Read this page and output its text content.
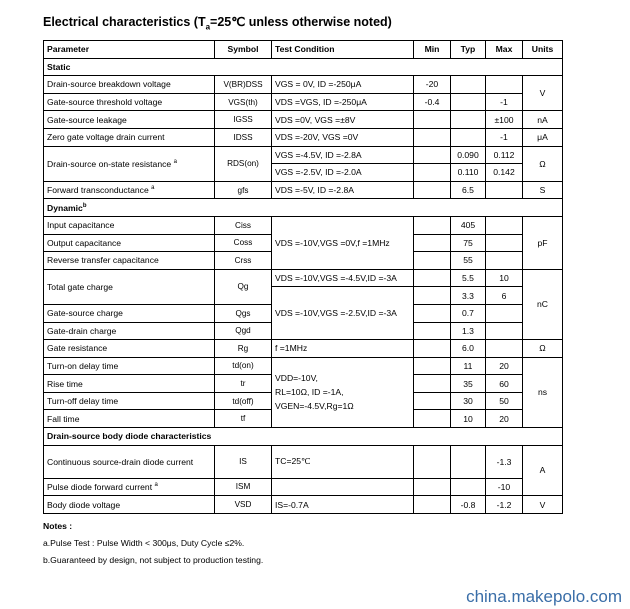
Electrical characteristics ($T_a=25℃$ unless otherwise noted)
Parameter	Symbol	Test Condition	Min	Typ	Max	Units
Static						
Drain-source breakdown voltage	V(BR)DSS	VGS = 0V, ID =-250μA	-20			V
Gate-source threshold voltage	VGS(th)	VDS =VGS, ID =-250μA	-0.4		-1	
Gate-source leakage	IGSS	VDS =0V, VGS =±8V			±100	nA
Zero gate voltage drain current	IDSS	VDS =-20V, VGS =0V			-1	μA
Drain-source on-state resistance $^a$	RDS(on)	VGS =-4.5V, ID =-2.8A		0.090	0.112	Ω
		VGS =-2.5V, ID =-2.0A		0.110	0.142	
Forward transconductance $^a$	gfs	VDS =-5V, ID =-2.8A		6.5		S
Dynamic$^b$
Input capacitance	Ciss	VDS =-10V,VGS =0V,f =1MHz		405		pF
Output capacitance	Coss			75		
Reverse transfer capacitance	Crss			55		
Total gate charge	Qg	VDS =-10V,VGS =-4.5V,ID =-3A		5.5	10	nC
		VDS =-10V,VGS =-2.5V,ID =-3A		3.3	6	
Gate-source charge	Qgs			0.7		
Gate-drain charge	Qgd			1.3		
Gate resistance	Rg	f =1MHz		6.0		Ω
Turn-on delay time	td(on)	VDD=-10V,
RL=10Ω, ID =-1A,
VGEN=-4.5V,Rg=1Ω		11	20	ns
Rise time	tr			35	60	
Turn-off delay time	td(off)			30	50	
Fall time	tf			10	20	
Drain-source body diode characteristics						
Continuous source-drain diode current	IS	TC=25℃			-1.3	A
Pulse diode forward current $^a$	ISM				-10	
Body diode voltage	VSD	IS=-0.7A		-0.8	-1.2	V
Notes :
a.Pulse Test : Pulse Width < 300μs, Duty Cycle ≤2%.
b.Guaranteed by design, not subject to production testing.
china.makepolo.com
